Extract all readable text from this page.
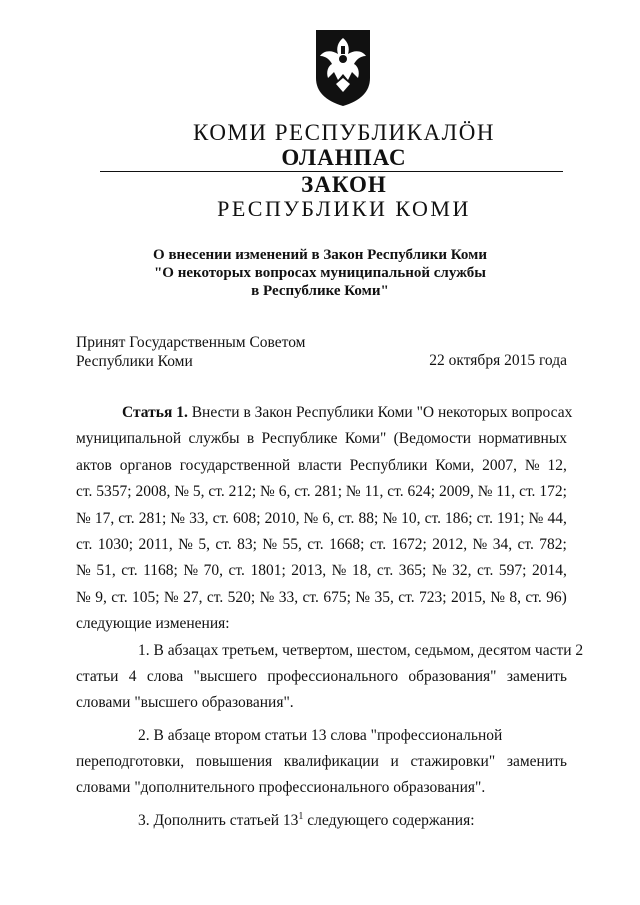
КОМИ РЕСПУБЛИКАЛӦН
ОЛАНПАС
ЗАКОН
РЕСПУБЛИКИ КОМИ
О внесении изменений в Закон Республики Коми
"О некоторых вопросах муниципальной службы
в Республике Коми"
Принят Государственным Советом
Республики Коми	22 октября 2015 года
Статья 1. Внести в Закон Республики Коми "О некоторых вопросах
муниципальной службы в Республике Коми" (Ведомости нормативных
актов органов государственной власти Республики Коми, 2007, № 12,
ст. 5357; 2008, № 5, ст. 212; № 6, ст. 281; № 11, ст. 624; 2009, № 11, ст. 172;
№ 17, ст. 281; № 33, ст. 608; 2010, № 6, ст. 88; № 10, ст. 186; ст. 191; № 44,
ст. 1030; 2011, № 5, ст. 83; № 55, ст. 1668; ст. 1672; 2012, № 34, ст. 782;
№ 51, ст. 1168; № 70, ст. 1801; 2013, № 18, ст. 365; № 32, ст. 597; 2014,
№ 9, ст. 105; № 27, ст. 520; № 33, ст. 675; № 35, ст. 723; 2015, № 8, ст. 96)
следующие изменения:
1. В абзацах третьем, четвертом, шестом, седьмом, десятом части 2
статьи 4 слова "высшего профессионального образования" заменить
словами "высшего образования".
2. В абзаце втором статьи 13 слова "профессиональной
переподготовки, повышения квалификации и стажировки" заменить
словами "дополнительного профессионального образования".
3. Дополнить статьей $13^1$ следующего содержания:
